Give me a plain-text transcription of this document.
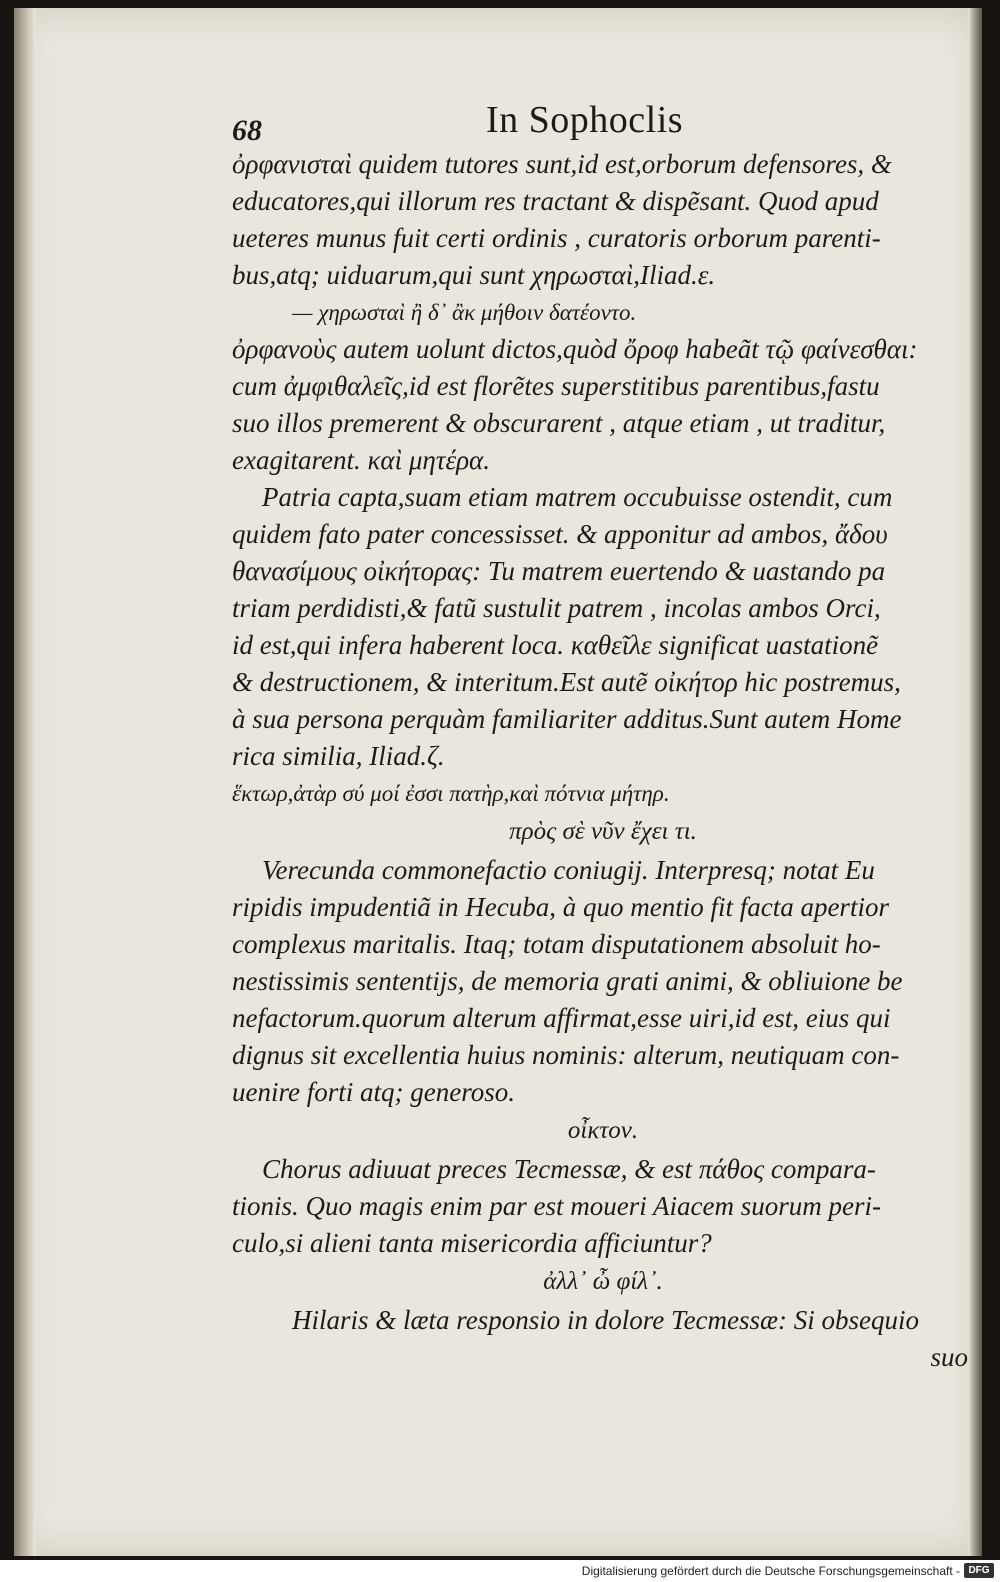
68	In Sophoclis
ὀρφανισταὶ quidem tutores sunt,id est,orborum defensores, &
educatores,qui illorum res tractant & dispẽsant. Quod apud
ueteres munus fuit certi ordinis , curatoris orborum parenti-
bus,atq; uiduarum,qui sunt χηρωσταὶ,Iliad.ε.
— χηρωσταὶ ἢ δ᾽ ἂκ μήθοιν δατέοντο.
ὀρφανοὺς autem uolunt dictos,quòd ὄροφ habeãt τῷ φαίνεσθαι:
cum ἀμφιθαλεῖς,id est florẽtes superstitibus parentibus,fastu
suo illos premerent & obscurarent , atque etiam , ut traditur,
exagitarent. καὶ μητέρα.
Patria capta,suam etiam matrem occubuisse ostendit, cum
quidem fato pater concessisset. & apponitur ad ambos, ἄδου
θανασίμους οἰκήτορας: Tu matrem euertendo & uastando pa
triam perdidisti,& fatũ sustulit patrem , incolas ambos Orci,
id est,qui infera haberent loca. καθεῖλε significat uastationẽ
& destructionem, & interitum.Est autẽ οἰκήτορ hic postremus,
à sua persona perquàm familiariter additus.Sunt autem Home
rica similia, Iliad.ζ.
ἕκτωρ,ἀτὰρ σύ μοί ἐσσι πατὴρ,καὶ πότνια μήτηρ.
πρὸς σὲ νῦν ἔχει τι.
Verecunda commonefactio coniugij. Interpresq; notat Eu
ripidis impudentiã in Hecuba, à quo mentio fit facta apertior
complexus maritalis. Itaq; totam disputationem absoluit ho-
nestissimis sententijs, de memoria grati animi, & obliuione be
nefactorum.quorum alterum affirmat,esse uiri,id est, eius qui
dignus sit excellentia huius nominis: alterum, neutiquam con-
uenire forti atq; generoso.
οἶκτον.
Chorus adiuuat preces Tecmessæ, & est πάθος compara-
tionis. Quo magis enim par est moueri Aiacem suorum peri-
culo,si alieni tanta misericordia afficiuntur?
ἀλλ᾽ ὦ φίλ᾽.
Hilaris & læta responsio in dolore Tecmessæ: Si obsequio
suo
Digitalisierung gefördert durch die Deutsche Forschungsgemeinschaft - DFG
